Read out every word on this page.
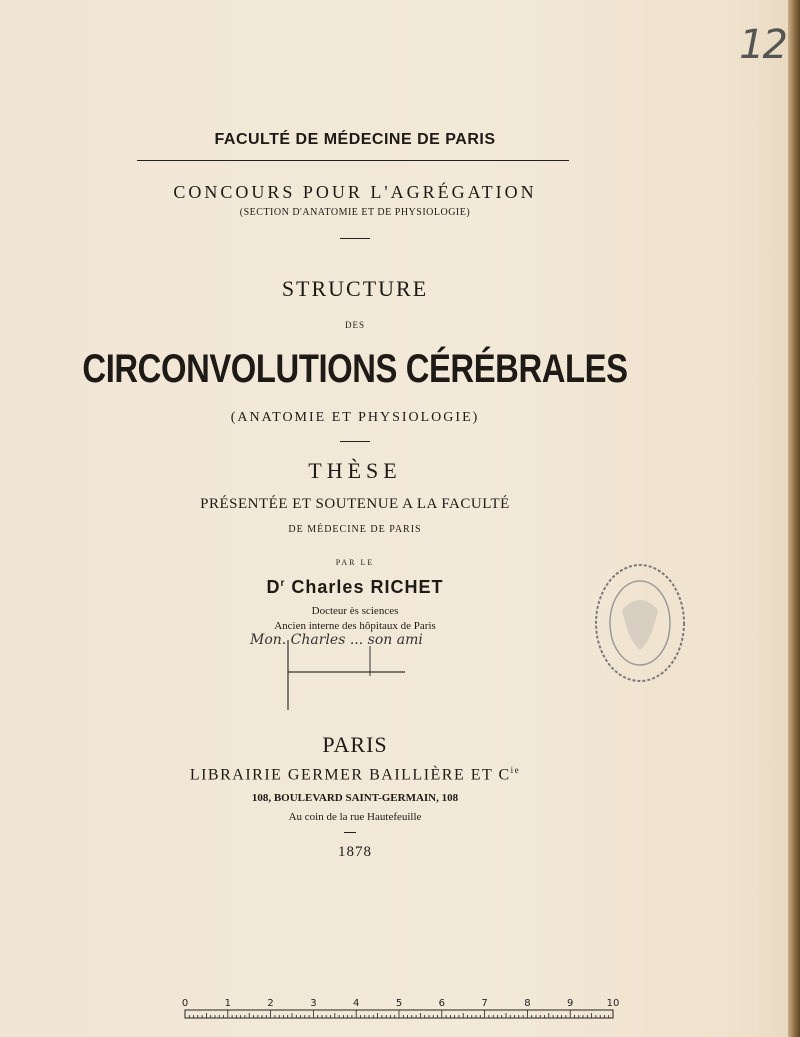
12
FACULTÉ DE MÉDECINE DE PARIS
CONCOURS POUR L'AGRÉGATION
(SECTION D'ANATOMIE ET DE PHYSIOLOGIE)
STRUCTURE
DES
CIRCONVOLUTIONS CÉRÉBRALES
(ANATOMIE ET PHYSIOLOGIE)
THÈSE
PRÉSENTÉE ET SOUTENUE A LA FACULTÉ
DE MÉDECINE DE PARIS
PAR LE
$D^r$ Charles RICHET
Docteur ès sciences
Ancien interne des hôpitaux de Paris
Mon. Charles ... son ami
PARIS
LIBRAIRIE GERMER BAILLIÈRE ET $C^{ie}$
108, BOULEVARD SAINT-GERMAIN, 108
Au coin de la rue Hautefeuille
1878
0	1	2	3	4	5	6	7	8	9	10
